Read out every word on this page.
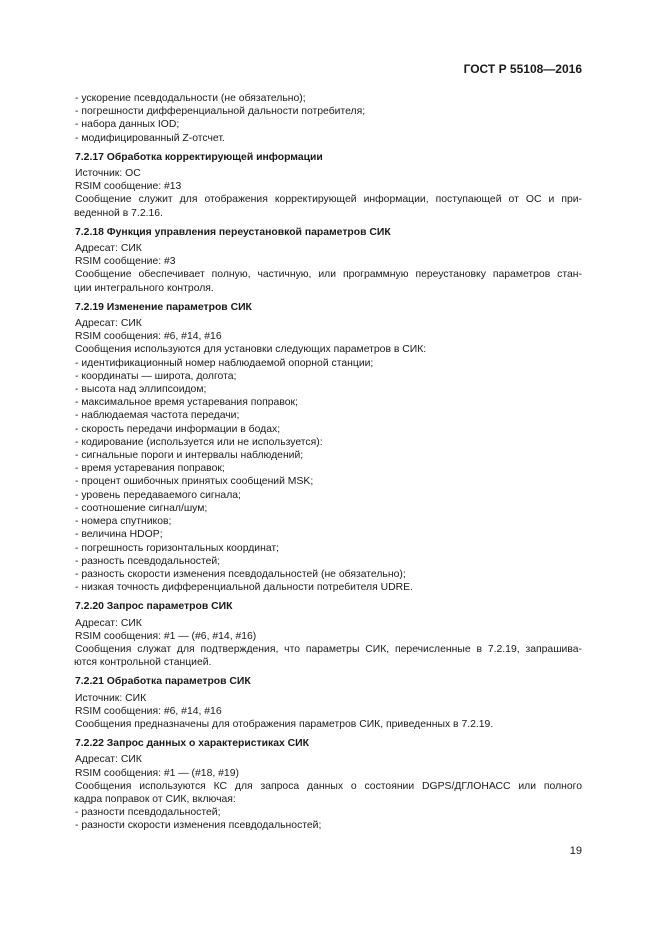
ГОСТ Р 55108—2016
- ускорение псевдодальности (не обязательно);
- погрешности дифференциальной дальности потребителя;
- набора данных IOD;
- модифицированный Z-отсчет.
7.2.17 Обработка корректирующей информации
Источник: ОС
RSIM сообщение: #13
Сообщение служит для отображения корректирующей информации, поступающей от ОС и при-
веденной в 7.2.16.
7.2.18 Функция управления переустановкой параметров СИК
Адресат: СИК
RSIM сообщение: #3
Сообщение обеспечивает полную, частичную, или программную переустановку параметров стан-
ции интегрального контроля.
7.2.19 Изменение параметров СИК
Адресат: СИК
RSIM сообщения: #6, #14, #16
Сообщения используются для установки следующих параметров в СИК:
- идентификационный номер наблюдаемой опорной станции;
- координаты — широта, долгота;
- высота над эллипсоидом;
- максимальное время устаревания поправок;
- наблюдаемая частота передачи;
- скорость передачи информации в бодах;
- кодирование (используется или не используется):
- сигнальные пороги и интервалы наблюдений;
- время устаревания поправок;
- процент ошибочных принятых сообщений MSK;
- уровень передаваемого сигнала;
- соотношение сигнал/шум;
- номера спутников;
- величина HDOP;
- погрешность горизонтальных координат;
- разность псевдодальностей;
- разность скорости изменения псевдодальностей (не обязательно);
- низкая точность дифференциальной дальности потребителя UDRE.
7.2.20 Запрос параметров СИК
Адресат: СИК
RSIM сообщения: #1 — (#6, #14, #16)
Сообщения служат для подтверждения, что параметры СИК, перечисленные в 7.2.19, запрашива-
ются контрольной станцией.
7.2.21 Обработка параметров СИК
Источник: СИК
RSIM сообщения: #6, #14, #16
Сообщения предназначены для отображения параметров СИК, приведенных в 7.2.19.
7.2.22 Запрос данных о характеристиках СИК
Адресат: СИК
RSIM сообщения: #1 — (#18, #19)
Сообщения используются КС для запроса данных о состоянии DGPS/ДГЛОНАСС или полного
кадра поправок от СИК, включая:
- разности псевдодальностей;
- разности скорости изменения псевдодальностей;
19
